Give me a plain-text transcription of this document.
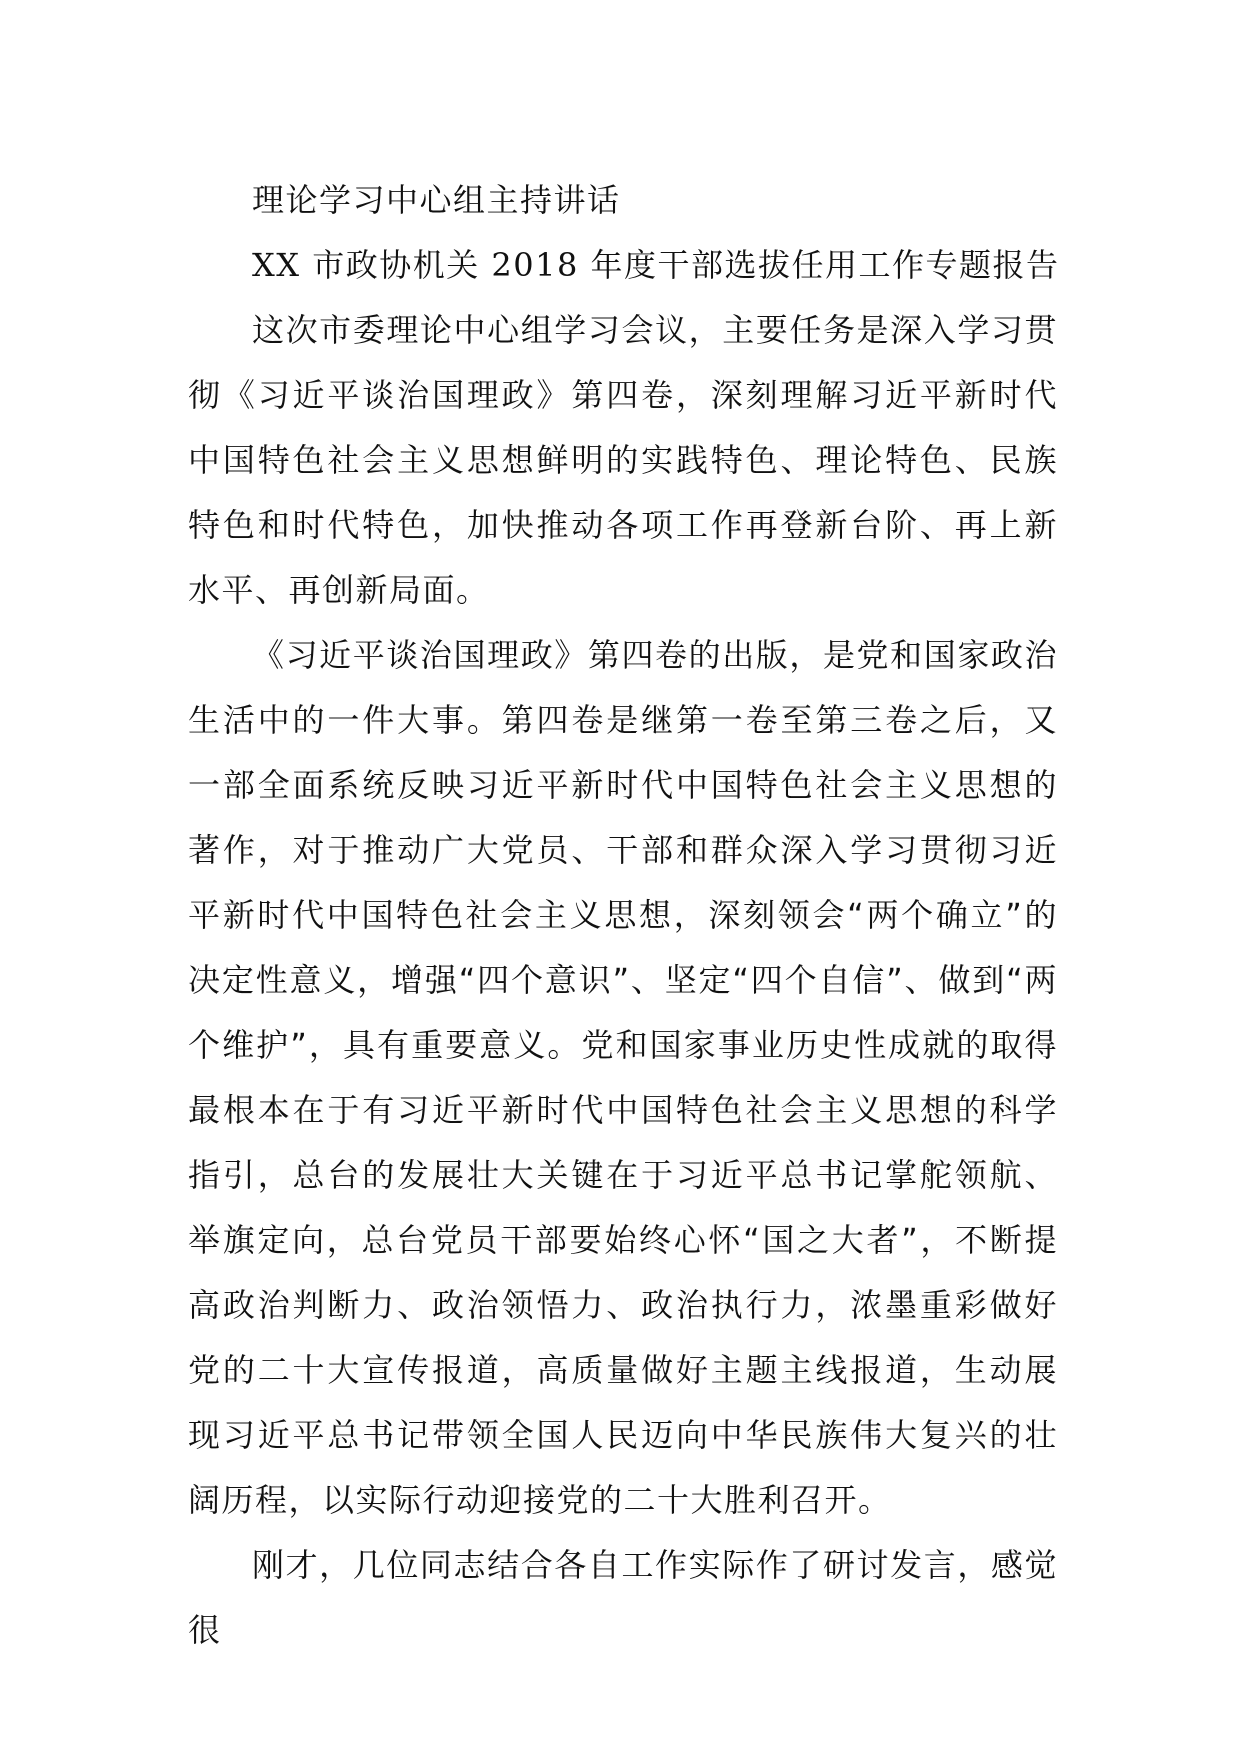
理论学习中心组主持讲话

XX 市政协机关 2018 年度干部选拔任用工作专题报告

这次市委理论中心组学习会议，主要任务是深入学习贯彻《习近平谈治国理政》第四卷，深刻理解习近平新时代中国特色社会主义思想鲜明的实践特色、理论特色、民族特色和时代特色，加快推动各项工作再登新台阶、再上新水平、再创新局面。

《习近平谈治国理政》第四卷的出版，是党和国家政治生活中的一件大事。第四卷是继第一卷至第三卷之后，又一部全面系统反映习近平新时代中国特色社会主义思想的著作，对于推动广大党员、干部和群众深入学习贯彻习近平新时代中国特色社会主义思想，深刻领会“两个确立”的决定性意义，增强“四个意识”、坚定“四个自信”、做到“两个维护”，具有重要意义。党和国家事业历史性成就的取得最根本在于有习近平新时代中国特色社会主义思想的科学指引，总台的发展壮大关键在于习近平总书记掌舵领航、举旗定向，总台党员干部要始终心怀“国之大者”，不断提高政治判断力、政治领悟力、政治执行力，浓墨重彩做好党的二十大宣传报道，高质量做好主题主线报道，生动展现习近平总书记带领全国人民迈向中华民族伟大复兴的壮阔历程，以实际行动迎接党的二十大胜利召开。

刚才，几位同志结合各自工作实际作了研讨发言，感觉很
